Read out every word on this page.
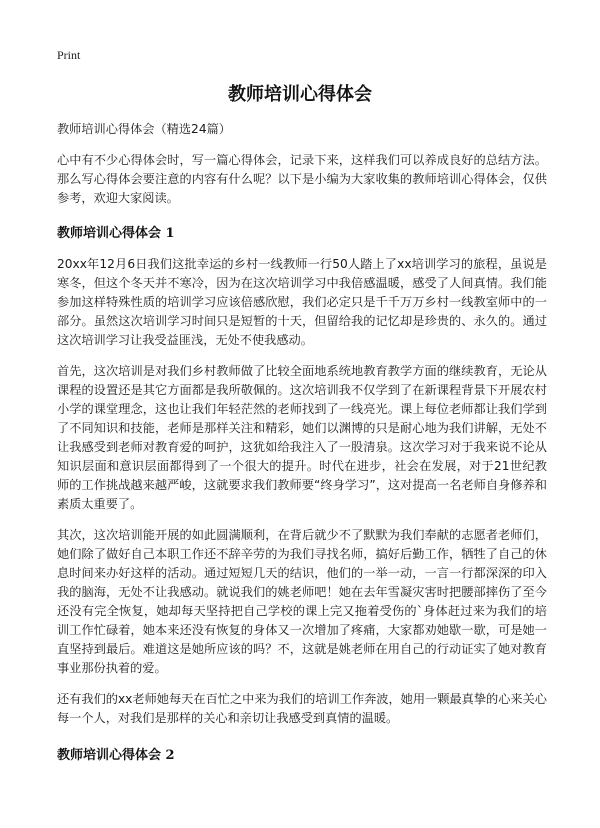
Print
教师培训心得体会

教师培训心得体会（精选24篇）

心中有不少心得体会时，写一篇心得体会，记录下来，这样我们可以养成良好的总结方法。那么写心得体会要注意的内容有什么呢？以下是小编为大家收集的教师培训心得体会，仅供参考，欢迎大家阅读。

教师培训心得体会 1

20xx年12月6日我们这批幸运的乡村一线教师一行50人踏上了xx培训学习的旅程，虽说是寒冬，但这个冬天并不寒冷，因为在这次培训学习中我倍感温暖，感受了人间真情。我们能参加这样特殊性质的培训学习应该倍感欣慰，我们必定只是千千万万乡村一线教室师中的一部分。虽然这次培训学习时间只是短暂的十天，但留给我的记忆却是珍贵的、永久的。通过这次培训学习让我受益匪浅，无处不使我感动。

首先，这次培训是对我们乡村教师做了比较全面地系统地教育教学方面的继续教育，无论从课程的设置还是其它方面都是我所敬佩的。这次培训我不仅学到了在新课程背景下开展农村小学的课堂理念，这也让我们年轻茫然的老师找到了一线亮光。课上每位老师都让我们学到了不同知识和技能，老师是那样关注和精彩，她们以渊博的只是耐心地为我们讲解，无处不让我感受到老师对教育爱的呵护，这犹如给我注入了一股清泉。这次学习对于我来说不论从知识层面和意识层面都得到了一个很大的提升。时代在进步，社会在发展，对于21世纪教师的工作挑战越来越严峻，这就要求我们教师要“终身学习”，这对提高一名老师自身修养和素质太重要了。

其次，这次培训能开展的如此圆满顺利，在背后就少不了默默为我们奉献的志愿者老师们，她们除了做好自己本职工作还不辞辛劳的为我们寻找名师，搞好后勤工作，牺牲了自己的休息时间来办好这样的活动。通过短短几天的结识，他们的一举一动，一言一行都深深的印入我的脑海，无处不让我感动。就说我们的姚老师吧！她在去年雪凝灾害时把腰部摔伤了至今还没有完全恢复，她却每天坚持把自己学校的课上完又拖着受伤的`身体赶过来为我们的培训工作忙碌着，她本来还没有恢复的身体又一次增加了疼痛，大家都劝她歇一歇，可是她一直坚持到最后。难道这是她所应该的吗？不，这就是姚老师在用自己的行动证实了她对教育事业那份执着的爱。

还有我们的xx老师她每天在百忙之中来为我们的培训工作奔波，她用一颗最真挚的心来关心每一个人，对我们是那样的关心和亲切让我感受到真情的温暖。

教师培训心得体会 2
